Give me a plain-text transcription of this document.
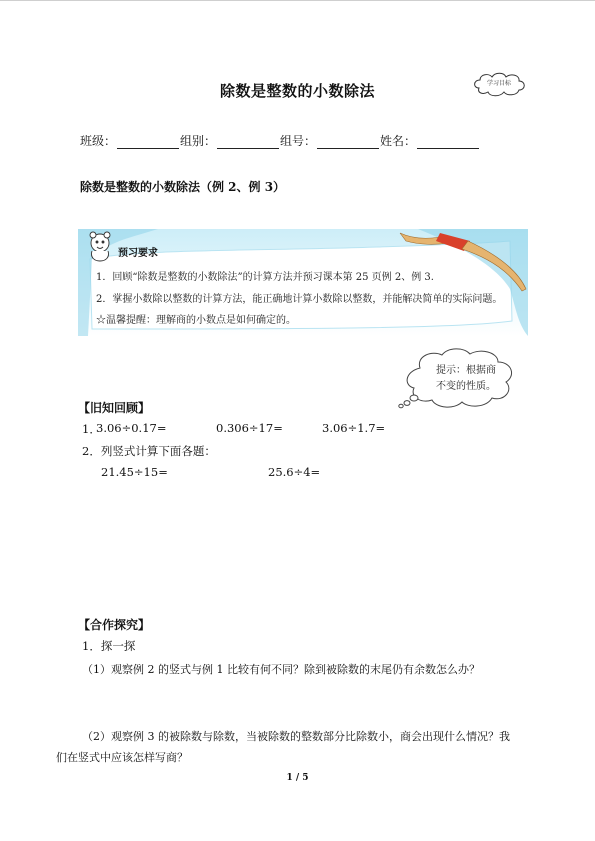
除数是整数的小数除法	学习目标
班级：	组别：	组号：	姓名：
除数是整数的小数除法（例 2、例 3）
预习要求
1．回顾“除数是整数的小数除法”的计算方法并预习课本第 25 页例 2、例 3.
2．掌握小数除以整数的计算方法，能正确地计算小数除以整数，并能解决简单的实际问题。
☆温馨提醒：理解商的小数点是如何确定的。
提示：根据商
不变的性质。
【旧知回顾】
1．
3.06÷0.17=	0.306÷17=	3.06÷1.7=
2．列竖式计算下面各题：
21.45÷15=	25.6÷4=
【合作探究】
1．探一探
（1）观察例 2 的竖式与例 1 比较有何不同？除到被除数的末尾仍有余数怎么办？
（2）观察例 3 的被除数与除数，当被除数的整数部分比除数小，商会出现什么情况？我
们在竖式中应该怎样写商？
1 / 5
